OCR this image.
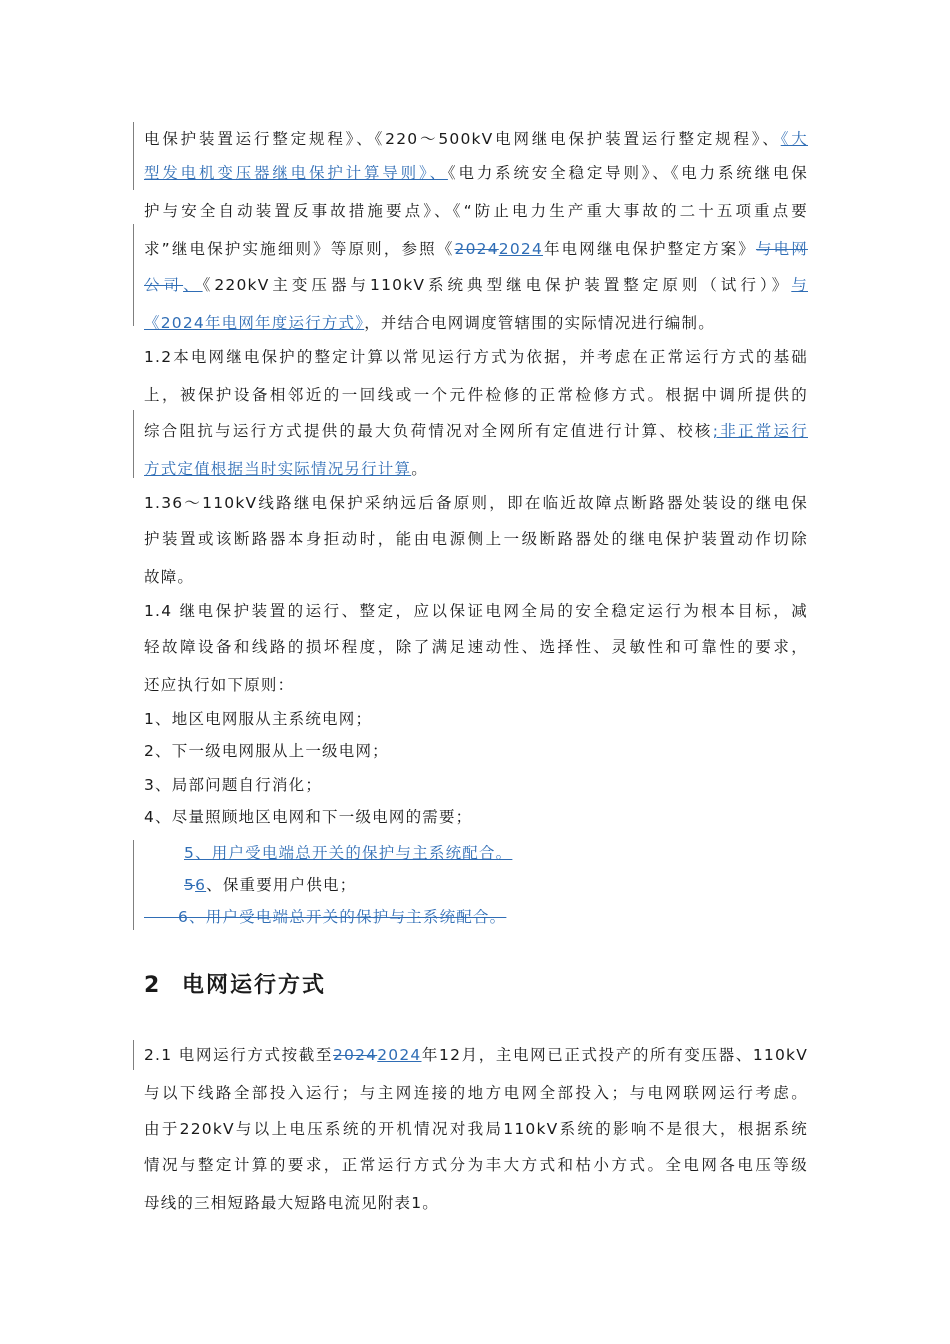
电保护装置运行整定规程》、《220～500kV电网继电保护装置运行整定规程》、《大
型发电机变压器继电保护计算导则》、《电力系统安全稳定导则》、《电力系统继电保
护与安全自动装置反事故措施要点》、《“防止电力生产重大事故的二十五项重点要
求”继电保护实施细则》等原则，参照《20242024年电网继电保护整定方案》与电网
公司、《220kV主变压器与110kV系统典型继电保护装置整定原则（试行）》与
《2024年电网年度运行方式》，并结合电网调度管辖围的实际情况进行编制。
1.2本电网继电保护的整定计算以常见运行方式为依据，并考虑在正常运行方式的基础
上，被保护设备相邻近的一回线或一个元件检修的正常检修方式。根据中调所提供的
综合阻抗与运行方式提供的最大负荷情况对全网所有定值进行计算、校核;非正常运行
方式定值根据当时实际情况另行计算。
1.36～110kV线路继电保护采纳远后备原则，即在临近故障点断路器处装设的继电保
护装置或该断路器本身拒动时，能由电源侧上一级断路器处的继电保护装置动作切除
故障。
1.4 继电保护装置的运行、整定，应以保证电网全局的安全稳定运行为根本目标，减
轻故障设备和线路的损坏程度，除了满足速动性、选择性、灵敏性和可靠性的要求，
还应执行如下原则：
1、地区电网服从主系统电网；
2、下一级电网服从上一级电网；
3、局部问题自行消化；
4、尽量照顾地区电网和下一级电网的需要；
5、用户受电端总开关的保护与主系统配合。
56、保重要用户供电；
6、用户受电端总开关的保护与主系统配合。
2 电网运行方式
2.1 电网运行方式按截至20242024年12月，主电网已正式投产的所有变压器、110kV
与以下线路全部投入运行；与主网连接的地方电网全部投入；与电网联网运行考虑。
由于220kV与以上电压系统的开机情况对我局110kV系统的影响不是很大，根据系统
情况与整定计算的要求，正常运行方式分为丰大方式和枯小方式。全电网各电压等级
母线的三相短路最大短路电流见附表1。
